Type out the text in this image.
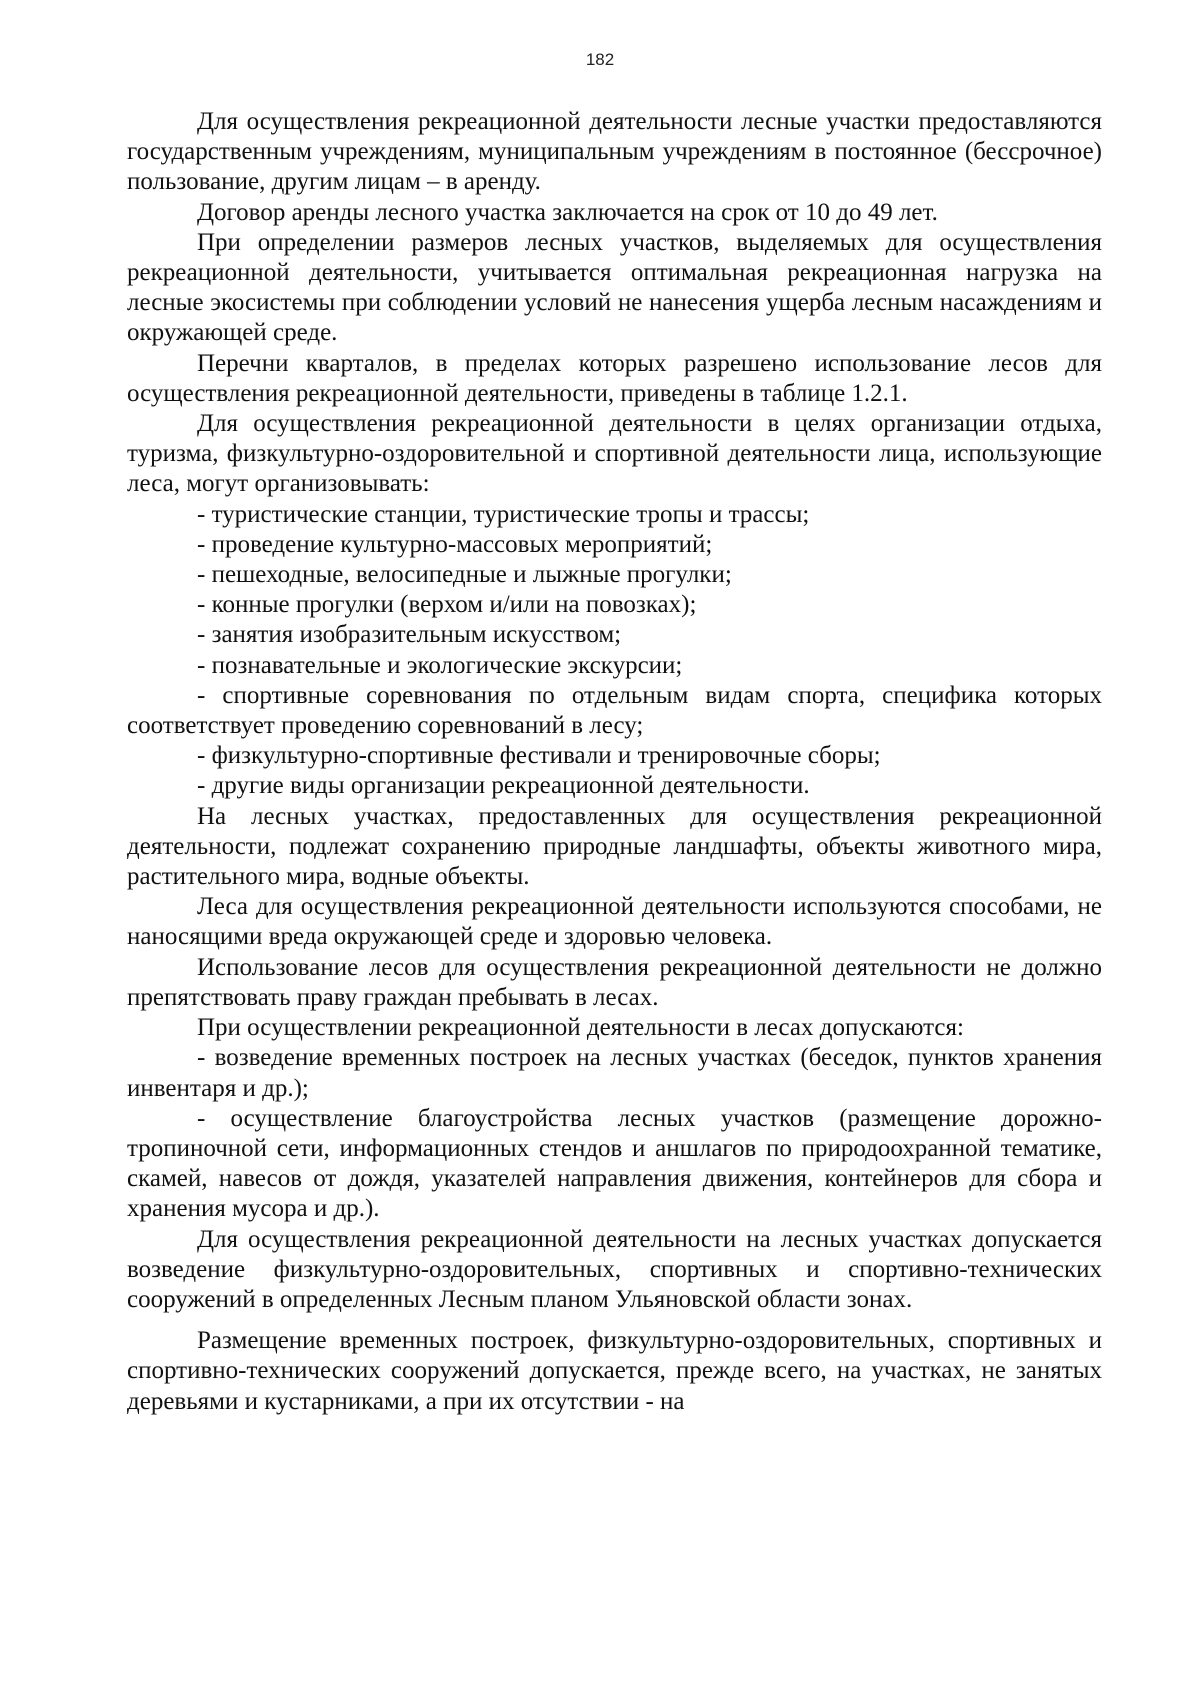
182

Для осуществления рекреационной деятельности лесные участки предоставляются государственным учреждениям, муниципальным учреждениям в постоянное (бессрочное) пользование, другим лицам – в аренду.

Договор аренды лесного участка заключается на срок от 10 до 49 лет.

При определении размеров лесных участков, выделяемых для осуществления рекреационной деятельности, учитывается оптимальная рекреационная нагрузка на лесные экосистемы при соблюдении условий не нанесения ущерба лесным насаждениям и окружающей среде.

Перечни кварталов, в пределах которых разрешено использование лесов для осуществления рекреационной деятельности, приведены в таблице 1.2.1.

Для осуществления рекреационной деятельности в целях организации отдыха, туризма, физкультурно-оздоровительной и спортивной деятельности лица, использующие леса, могут организовывать:

- туристические станции, туристические тропы и трассы;

- проведение культурно-массовых мероприятий;

- пешеходные, велосипедные и лыжные прогулки;

- конные прогулки (верхом и/или на повозках);

- занятия изобразительным искусством;

- познавательные и экологические экскурсии;

- спортивные соревнования по отдельным видам спорта, специфика которых соответствует проведению соревнований в лесу;

- физкультурно-спортивные фестивали и тренировочные сборы;

- другие виды организации рекреационной деятельности.

На лесных участках, предоставленных для осуществления рекреационной деятельности, подлежат сохранению природные ландшафты, объекты животного мира, растительного мира, водные объекты.

Леса для осуществления рекреационной деятельности используются способами, не наносящими вреда окружающей среде и здоровью человека.

Использование лесов для осуществления рекреационной деятельности не должно препятствовать праву граждан пребывать в лесах.

При осуществлении рекреационной деятельности в лесах допускаются:

- возведение временных построек на лесных участках (беседок, пунктов хранения инвентаря и др.);

- осуществление благоустройства лесных участков (размещение дорожно- тропиночной сети, информационных стендов и аншлагов по природоохранной тематике, скамей, навесов от дождя, указателей направления движения, контейнеров для сбора и хранения мусора и др.).

Для осуществления рекреационной деятельности на лесных участках допускается возведение физкультурно-оздоровительных, спортивных и спортивно-технических сооружений в определенных Лесным планом Ульяновской области зонах.

Размещение временных построек, физкультурно-оздоровительных, спортивных и спортивно-технических сооружений допускается, прежде всего, на участках, не занятых деревьями и кустарниками, а при их отсутствии - на
